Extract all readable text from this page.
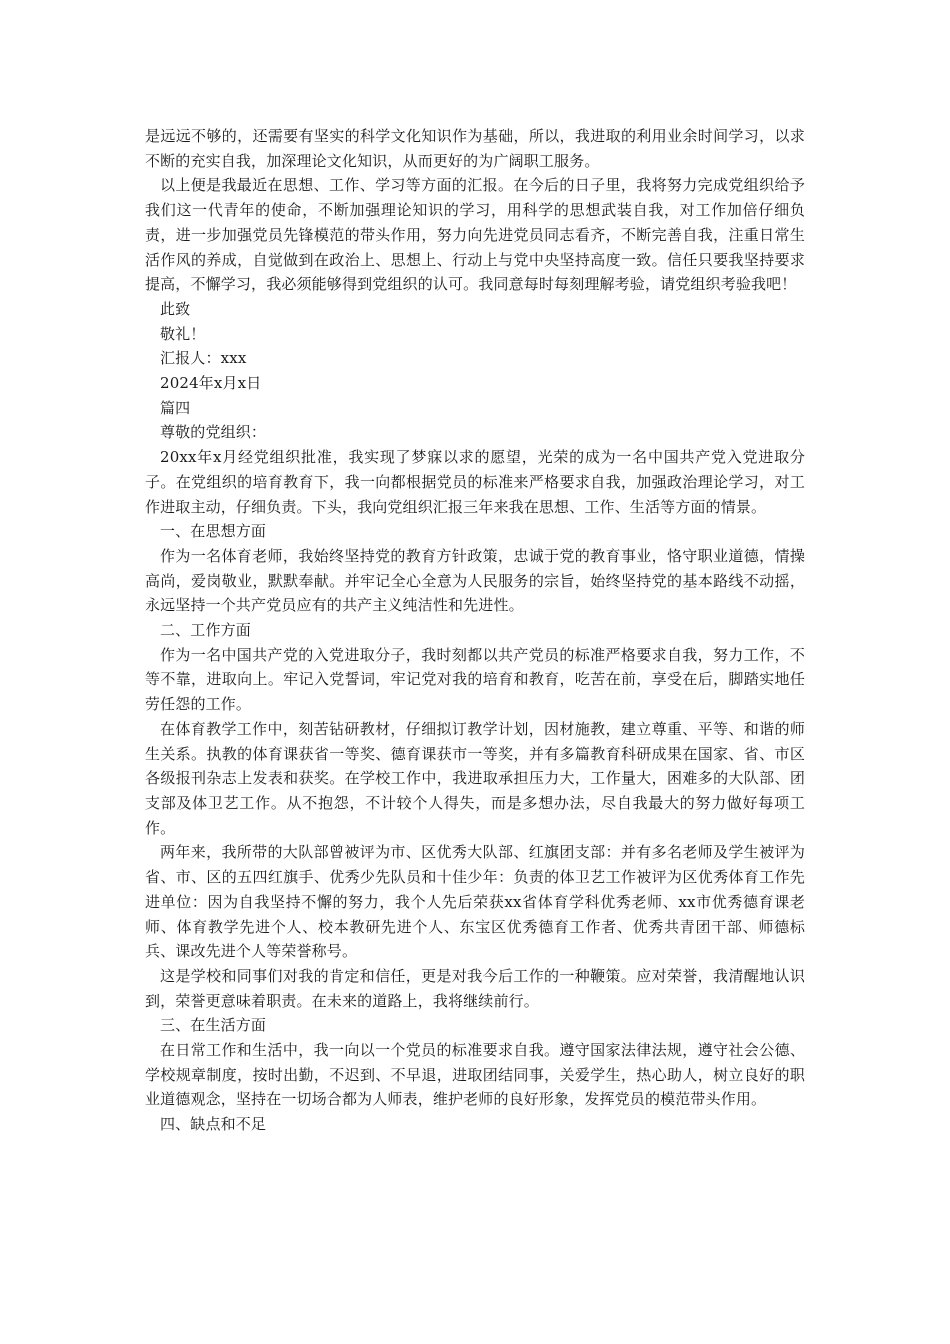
是远远不够的，还需要有坚实的科学文化知识作为基础，所以，我进取的利用业余时间学习，以求不断的充实自我，加深理论文化知识，从而更好的为广阔职工服务。

以上便是我最近在思想、工作、学习等方面的汇报。在今后的日子里，我将努力完成党组织给予我们这一代青年的使命，不断加强理论知识的学习，用科学的思想武装自我，对工作加倍仔细负责，进一步加强党员先锋模范的带头作用，努力向先进党员同志看齐，不断完善自我，注重日常生活作风的养成，自觉做到在政治上、思想上、行动上与党中央坚持高度一致。信任只要我坚持要求提高，不懈学习，我必须能够得到党组织的认可。我同意每时每刻理解考验，请党组织考验我吧！

此致

敬礼！

汇报人：xxx

2024年x月x日

篇四

尊敬的党组织：

20xx年x月经党组织批准，我实现了梦寐以求的愿望，光荣的成为一名中国共产党入党进取分子。在党组织的培育教育下，我一向都根据党员的标准来严格要求自我，加强政治理论学习，对工作进取主动，仔细负责。下头，我向党组织汇报三年来我在思想、工作、生活等方面的情景。

一、在思想方面

作为一名体育老师，我始终坚持党的教育方针政策，忠诚于党的教育事业，恪守职业道德，情操高尚，爱岗敬业，默默奉献。并牢记全心全意为人民服务的宗旨，始终坚持党的基本路线不动摇，永远坚持一个共产党员应有的共产主义纯洁性和先进性。

二、工作方面

作为一名中国共产党的入党进取分子，我时刻都以共产党员的标准严格要求自我，努力工作，不等不靠，进取向上。牢记入党誓词，牢记党对我的培育和教育，吃苦在前，享受在后，脚踏实地任劳任怨的工作。

在体育教学工作中，刻苦钻研教材，仔细拟订教学计划，因材施教，建立尊重、平等、和谐的师生关系。执教的体育课获省一等奖、德育课获市一等奖，并有多篇教育科研成果在国家、省、市区各级报刊杂志上发表和获奖。在学校工作中，我进取承担压力大，工作量大，困难多的大队部、团支部及体卫艺工作。从不抱怨，不计较个人得失，而是多想办法，尽自我最大的努力做好每项工作。

两年来，我所带的大队部曾被评为市、区优秀大队部、红旗团支部：并有多名老师及学生被评为省、市、区的五四红旗手、优秀少先队员和十佳少年：负责的体卫艺工作被评为区优秀体育工作先进单位：因为自我坚持不懈的努力，我个人先后荣获xx省体育学科优秀老师、xx市优秀德育课老师、体育教学先进个人、校本教研先进个人、东宝区优秀德育工作者、优秀共青团干部、师德标兵、课改先进个人等荣誉称号。

这是学校和同事们对我的肯定和信任，更是对我今后工作的一种鞭策。应对荣誉，我清醒地认识到，荣誉更意味着职责。在未来的道路上，我将继续前行。

三、在生活方面

在日常工作和生活中，我一向以一个党员的标准要求自我。遵守国家法律法规，遵守社会公德、学校规章制度，按时出勤，不迟到、不早退，进取团结同事，关爱学生，热心助人，树立良好的职业道德观念，坚持在一切场合都为人师表，维护老师的良好形象，发挥党员的模范带头作用。

四、缺点和不足
